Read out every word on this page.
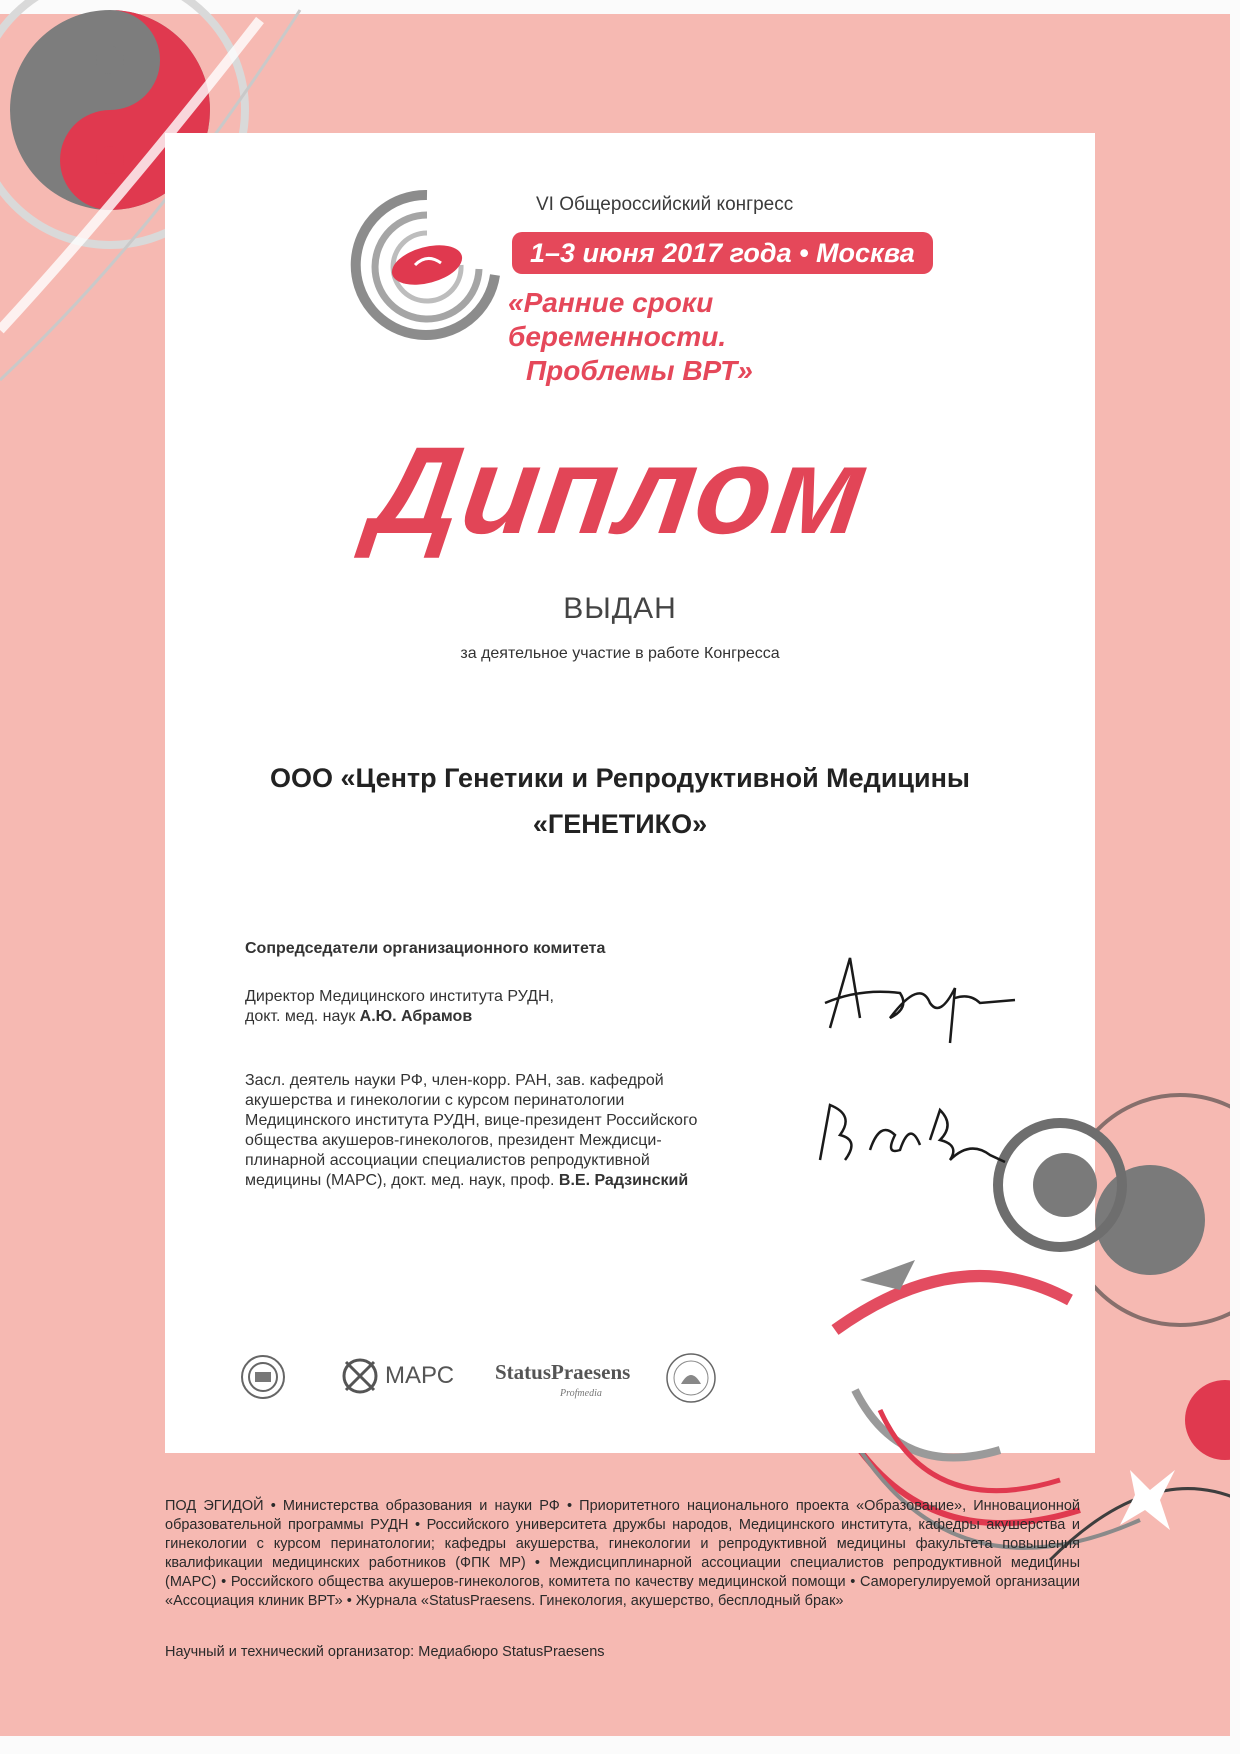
VI Общероссийский конгресс
1–3 июня 2017 года • Москва
«Ранние сроки беременности.
Проблемы ВРТ»
Диплом
ВЫДАН
за деятельное участие в работе Конгресса
ООО «Центр Генетики и Репродуктивной Медицины
«ГЕНЕТИКО»
Сопредседатели организационного комитета
Директор Медицинского института РУДН,
докт. мед. наук А.Ю. Абрамов
Засл. деятель науки РФ, член-корр. РАН, зав. кафедрой
акушерства и гинекологии с курсом перинатологии
Медицинского института РУДН, вице-президент Российского
общества акушеров-гинекологов, президент Междисци-
плинарной ассоциации специалистов репродуктивной
медицины (МАРС), докт. мед. наук, проф. В.Е. Радзинский
МАРС StatusPraesens
Profmedia
ПОД ЭГИДОЙ • Министерства образования и науки РФ • Приоритетного национального проекта «Образование», Инновационной образовательной программы РУДН • Российского университета дружбы народов, Медицинского института, кафедры акушерства и гинекологии с курсом перинатологии; кафедры акушерства, гинекологии и репродуктивной медицины факультета повышения квалификации медицинских работников (ФПК МР) • Междисциплинарной ассоциации специалистов репродуктивной медицины (МАРС) • Российского общества акушеров-гинекологов, комитета по качеству медицинской помощи • Саморегулируемой организации «Ассоциация клиник ВРТ» • Журнала «StatusPraesens. Гинекология, акушерство, бесплодный брак»
Научный и технический организатор: Медиабюро StatusPraesens
